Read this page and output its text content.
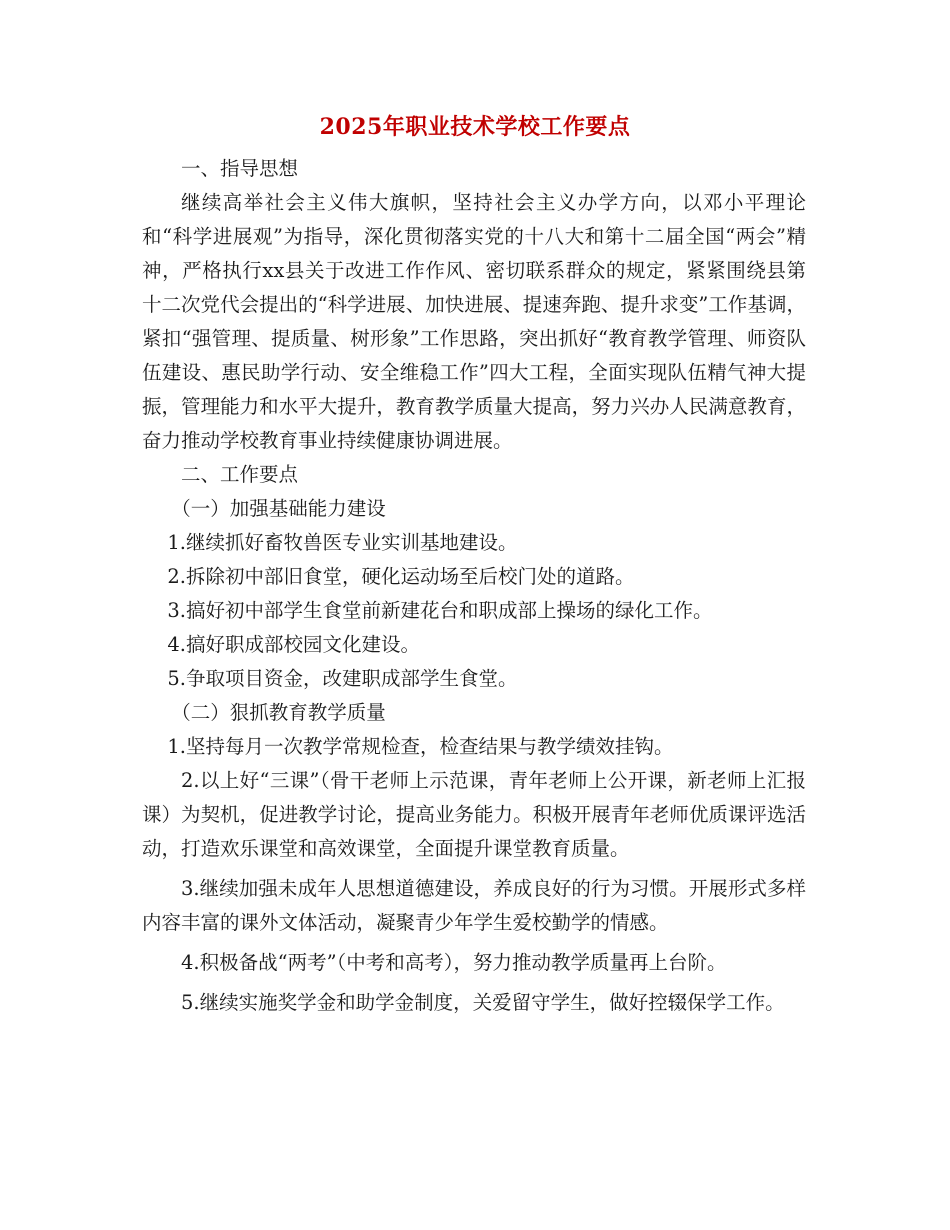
2025年职业技术学校工作要点

一、指导思想

继续高举社会主义伟大旗帜，坚持社会主义办学方向，以邓小平理论和“科学进展观”为指导，深化贯彻落实党的十八大和第十二届全国“两会”精神，严格执行xx县关于改进工作作风、密切联系群众的规定，紧紧围绕县第十二次党代会提出的“科学进展、加快进展、提速奔跑、提升求变”工作基调，紧扣“强管理、提质量、树形象”工作思路，突出抓好“教育教学管理、师资队伍建设、惠民助学行动、安全维稳工作”四大工程，全面实现队伍精气神大提振，管理能力和水平大提升，教育教学质量大提高，努力兴办人民满意教育，奋力推动学校教育事业持续健康协调进展。

二、工作要点

（一）加强基础能力建设

1.继续抓好畜牧兽医专业实训基地建设。

2.拆除初中部旧食堂，硬化运动场至后校门处的道路。

3.搞好初中部学生食堂前新建花台和职成部上操场的绿化工作。

4.搞好职成部校园文化建设。

5.争取项目资金，改建职成部学生食堂。

（二）狠抓教育教学质量

1.坚持每月一次教学常规检查，检查结果与教学绩效挂钩。

2.以上好“三课”（骨干老师上示范课，青年老师上公开课，新老师上汇报课）为契机，促进教学讨论，提高业务能力。积极开展青年老师优质课评选活动，打造欢乐课堂和高效课堂，全面提升课堂教育质量。

3.继续加强未成年人思想道德建设，养成良好的行为习惯。开展形式多样内容丰富的课外文体活动，凝聚青少年学生爱校勤学的情感。

4.积极备战“两考”（中考和高考），努力推动教学质量再上台阶。

5.继续实施奖学金和助学金制度，关爱留守学生，做好控辍保学工作。
